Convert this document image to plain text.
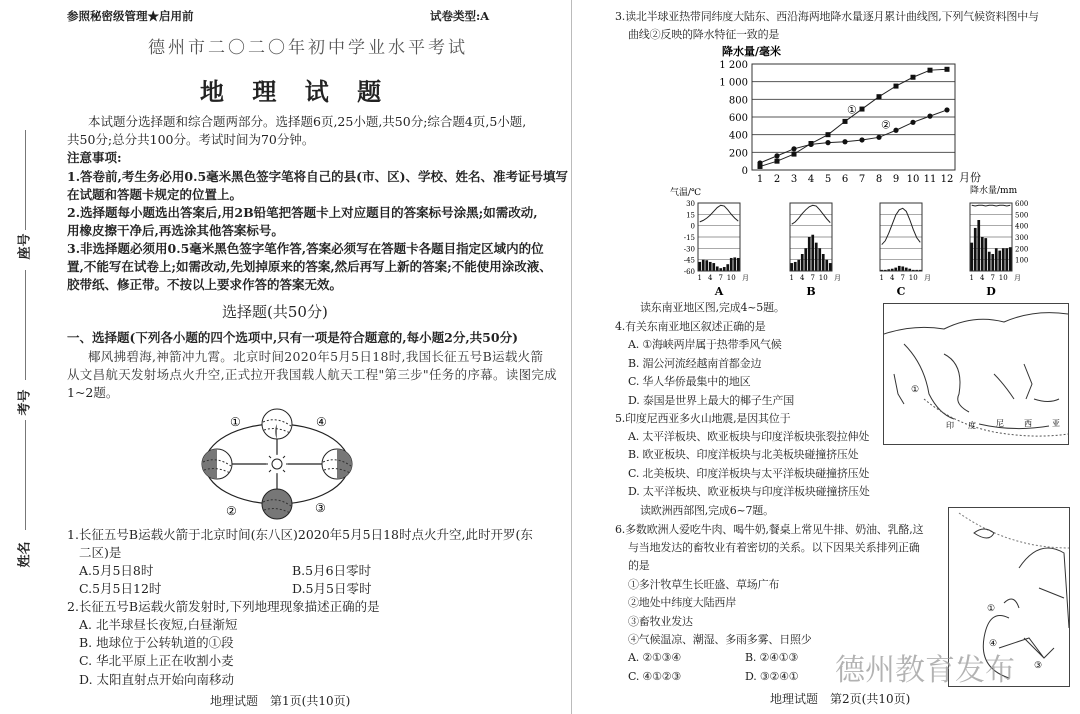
座号
考号
姓名
参照秘密级管理★启用前	试卷类型:A
德州市二〇二〇年初中学业水平考试
地 理 试 题
本试题分选择题和综合题两部分。选择题6页,25小题,共50分;综合题4页,5小题,
共50分;总分共100分。考试时间为70分钟。
注意事项:
1.答卷前,考生务必用0.5毫米黑色签字笔将自己的县(市、区)、学校、姓名、准考证号填写
在试题和答题卡规定的位置上。
2.选择题每小题选出答案后,用2B铅笔把答题卡上对应题目的答案标号涂黑;如需改动,
用橡皮擦干净后,再选涂其他答案标号。
3.非选择题必须用0.5毫米黑色签字笔作答,答案必须写在答题卡各题目指定区域内的位
置,不能写在试卷上;如需改动,先划掉原来的答案,然后再写上新的答案;不能使用涂改液、
胶带纸、修正带。不按以上要求作答的答案无效。
选择题(共50分)
一、选择题(下列各小题的四个选项中,只有一项是符合题意的,每小题2分,共50分)
椰风拂碧海,神箭冲九霄。北京时间2020年5月5日18时,我国长征五号B运载火箭
从文昌航天发射场点火升空,正式拉开我国载人航天工程"第三步"任务的序幕。读图完成
1~2题。
①
②	③
④
1.长征五号B运载火箭于北京时间(东八区)2020年5月5日18时点火升空,此时开罗(东
二区)是
A.5月5日8时	B.5月6日零时
C.5月5日12时	D.5月5日零时
2.长征五号B运载火箭发射时,下列地理现象描述正确的是
A. 北半球昼长夜短,白昼渐短
B. 地球位于公转轨道的①段
C. 华北平原上正在收割小麦
D. 太阳直射点开始向南移动
地理试题　第1页(共10页)
3.读北半球亚热带同纬度大陆东、西沿海两地降水量逐月累计曲线图,下列气候资料图中与
曲线②反映的降水特征一致的是
降水量/毫米
0
200
400
600
800
1 000
1 200
1 2 3 4 5 6 7 8 9 10 11 12 月份
①
②
气温/℃	降水量/mm
30
15
0
-15
-30
-45
-60
600
500
400
300
200
100
1 4 7 10 月
A
1 4 7 10 月
B
1 4 7 10 月
C
1 4 7 10 月
D
读东南亚地区图,完成4~5题。
4.有关东南亚地区叙述正确的是
A. ①海峡两岸属于热带季风气候
B. 湄公河流经越南首都金边
C. 华人华侨最集中的地区
D. 泰国是世界上最大的椰子生产国
5.印度尼西亚多火山地震,是因其位于
A. 太平洋板块、欧亚板块与印度洋板块张裂拉伸处
B. 欧亚板块、印度洋板块与北美板块碰撞挤压处
C. 北美板块、印度洋板块与太平洋板块碰撞挤压处
D. 太平洋板块、欧亚板块与印度洋板块碰撞挤压处
读欧洲西部图,完成6~7题。
6.多数欧洲人爱吃牛肉、喝牛奶,餐桌上常见牛排、奶油、乳酪,这
与当地发达的畜牧业有着密切的关系。以下因果关系排列正确
的是
①多汁牧草生长旺盛、草场广布
②地处中纬度大陆西岸
③畜牧业发达
④气候温凉、潮湿、多雨多雾、日照少
A. ②①③④	B. ②④①③
C. ④①②③	D. ③②④①
地理试题　第2页(共10页)
①
印 度	尼	西	亚
①
④
③
德州教育发布
